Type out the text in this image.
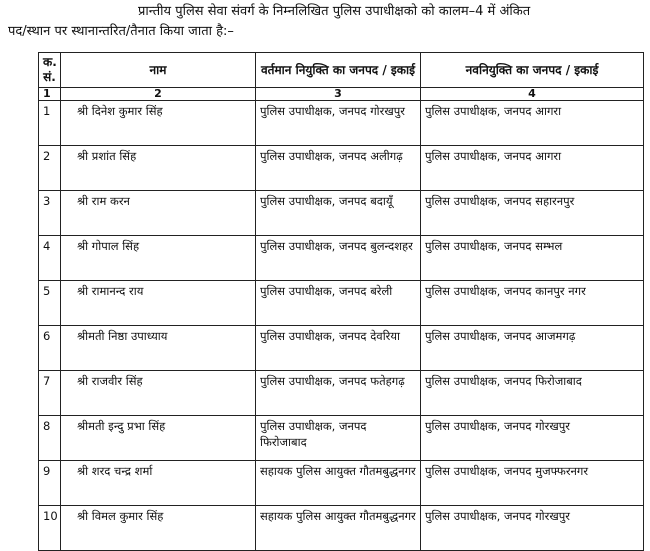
प्रान्तीय पुलिस सेवा संवर्ग के निम्नलिखित पुलिस उपाधीक्षको को कालम–4 में अंकित
पद/स्थान पर स्थानान्तरित/तैनात किया जाता है:–
क. सं.	नाम	वर्तमान नियुक्ति का जनपद / इकाई	नवनियुक्ति का जनपद / इकाई
1	2	3	4
1	श्री दिनेश कुमार सिंह	पुलिस उपाधीक्षक, जनपद गोरखपुर	पुलिस उपाधीक्षक, जनपद आगरा
2	श्री प्रशांत सिंह	पुलिस उपाधीक्षक, जनपद अलीगढ़	पुलिस उपाधीक्षक, जनपद आगरा
3	श्री राम करन	पुलिस उपाधीक्षक, जनपद बदायूँ	पुलिस उपाधीक्षक, जनपद सहारनपुर
4	श्री गोपाल सिंह	पुलिस उपाधीक्षक, जनपद बुलन्दशहर	पुलिस उपाधीक्षक, जनपद सम्भल
5	श्री रामानन्द राय	पुलिस उपाधीक्षक, जनपद बरेली	पुलिस उपाधीक्षक, जनपद कानपुर नगर
6	श्रीमती निष्ठा उपाध्याय	पुलिस उपाधीक्षक, जनपद देवरिया	पुलिस उपाधीक्षक, जनपद आजमगढ़
7	श्री राजवीर सिंह	पुलिस उपाधीक्षक, जनपद फतेहगढ़	पुलिस उपाधीक्षक, जनपद फिरोजाबाद
8	श्रीमती इन्दु प्रभा सिंह	पुलिस उपाधीक्षक, जनपद फिरोजाबाद	पुलिस उपाधीक्षक, जनपद गोरखपुर
9	श्री शरद चन्द्र शर्मा	सहायक पुलिस आयुक्त गौतमबुद्धनगर	पुलिस उपाधीक्षक, जनपद मुजफ्फरनगर
10	श्री विमल कुमार सिंह	सहायक पुलिस आयुक्त गौतमबुद्धनगर	पुलिस उपाधीक्षक, जनपद गोरखपुर
